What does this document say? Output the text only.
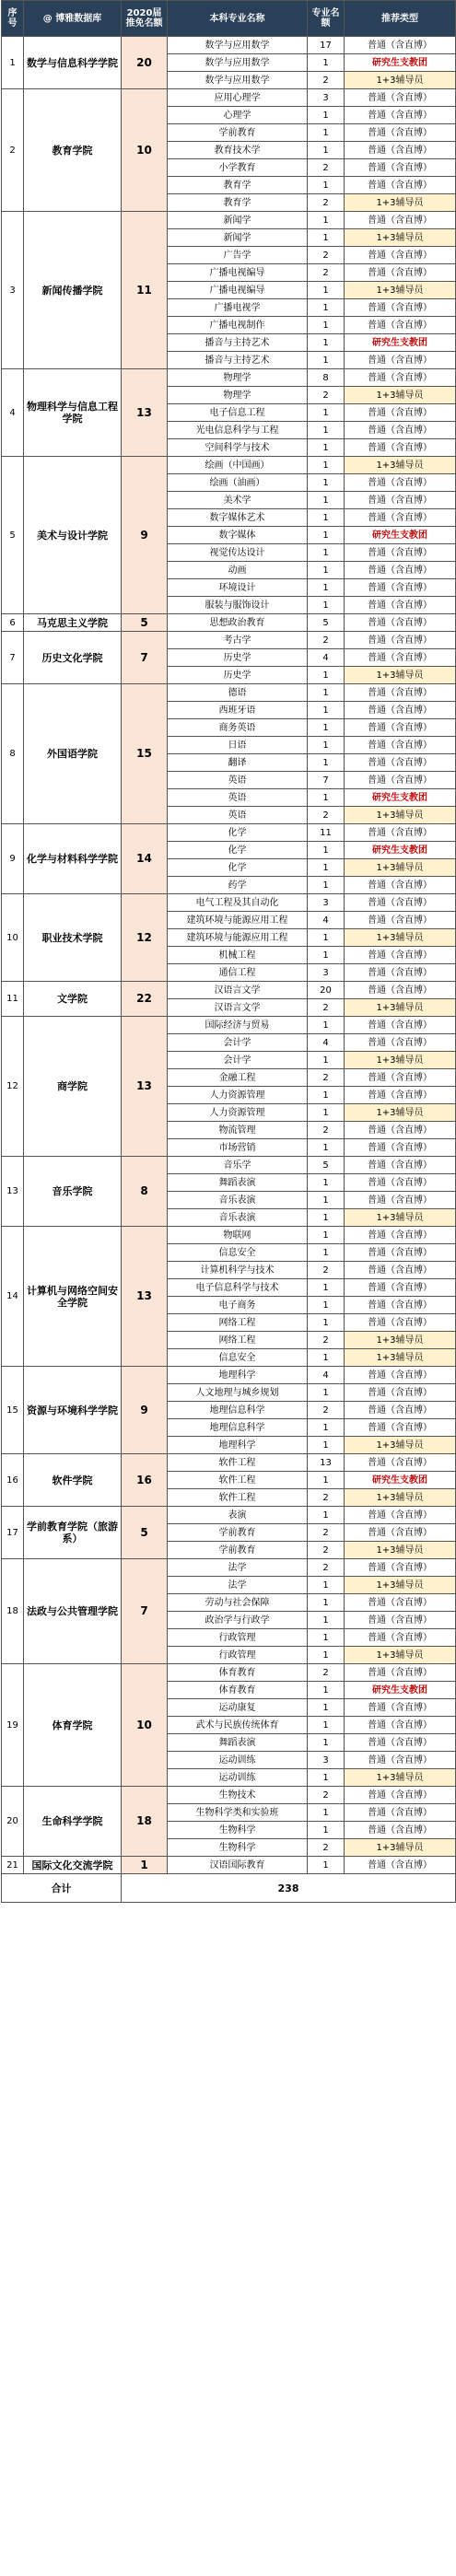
序号	@ 博雅数据库	2020届推免名额	本科专业名称	专业名额	推荐类型
1	数学与信息科学学院	20	数学与应用数学	17	普通（含直博）
			数学与应用数学	1	研究生支教团
			数学与应用数学	2	1+3辅导员
2	教育学院	10	应用心理学	3	普通（含直博）
			心理学	1	普通（含直博）
			学前教育	1	普通（含直博）
			教育技术学	1	普通（含直博）
			小学教育	2	普通（含直博）
			教育学	1	普通（含直博）
			教育学	2	1+3辅导员
3	新闻传播学院	11	新闻学	1	普通（含直博）
			新闻学	1	1+3辅导员
			广告学	2	普通（含直博）
			广播电视编导	2	普通（含直博）
			广播电视编导	1	1+3辅导员
			广播电视学	1	普通（含直博）
			广播电视制作	1	普通（含直博）
			播音与主持艺术	1	研究生支教团
			播音与主持艺术	1	普通（含直博）
4	物理科学与信息工程学院	13	物理学	8	普通（含直博）
			物理学	2	1+3辅导员
			电子信息工程	1	普通（含直博）
			光电信息科学与工程	1	普通（含直博）
			空间科学与技术	1	普通（含直博）
5	美术与设计学院	9	绘画（中国画）	1	1+3辅导员
			绘画（油画）	1	普通（含直博）
			美术学	1	普通（含直博）
			数字媒体艺术	1	普通（含直博）
			数字媒体	1	研究生支教团
			视觉传达设计	1	普通（含直博）
			动画	1	普通（含直博）
			环境设计	1	普通（含直博）
			服装与服饰设计	1	普通（含直博）
6	马克思主义学院	5	思想政治教育	5	普通（含直博）
7	历史文化学院	7	考古学	2	普通（含直博）
			历史学	4	普通（含直博）
			历史学	1	1+3辅导员
8	外国语学院	15	德语	1	普通（含直博）
			西班牙语	1	普通（含直博）
			商务英语	1	普通（含直博）
			日语	1	普通（含直博）
			翻译	1	普通（含直博）
			英语	7	普通（含直博）
			英语	1	研究生支教团
			英语	2	1+3辅导员
9	化学与材料科学学院	14	化学	11	普通（含直博）
			化学	1	研究生支教团
			化学	1	1+3辅导员
			药学	1	普通（含直博）
10	职业技术学院	12	电气工程及其自动化	3	普通（含直博）
			建筑环境与能源应用工程	4	普通（含直博）
			建筑环境与能源应用工程	1	1+3辅导员
			机械工程	1	普通（含直博）
			通信工程	3	普通（含直博）
11	文学院	22	汉语言文学	20	普通（含直博）
			汉语言文学	2	1+3辅导员
12	商学院	13	国际经济与贸易	1	普通（含直博）
			会计学	4	普通（含直博）
			会计学	1	1+3辅导员
			金融工程	2	普通（含直博）
			人力资源管理	1	普通（含直博）
			人力资源管理	1	1+3辅导员
			物流管理	2	普通（含直博）
			市场营销	1	普通（含直博）
13	音乐学院	8	音乐学	5	普通（含直博）
			舞蹈表演	1	普通（含直博）
			音乐表演	1	普通（含直博）
			音乐表演	1	1+3辅导员
14	计算机与网络空间安全学院	13	物联网	1	普通（含直博）
			信息安全	1	普通（含直博）
			计算机科学与技术	2	普通（含直博）
			电子信息科学与技术	1	普通（含直博）
			电子商务	1	普通（含直博）
			网络工程	1	普通（含直博）
			网络工程	2	1+3辅导员
			信息安全	1	1+3辅导员
15	资源与环境科学学院	9	地理科学	4	普通（含直博）
			人文地理与城乡规划	1	普通（含直博）
			地理信息科学	2	普通（含直博）
			地理信息科学	1	普通（含直博）
			地理科学	1	1+3辅导员
16	软件学院	16	软件工程	13	普通（含直博）
			软件工程	1	研究生支教团
			软件工程	2	1+3辅导员
17	学前教育学院（旅游系）	5	表演	1	普通（含直博）
			学前教育	2	普通（含直博）
			学前教育	2	1+3辅导员
18	法政与公共管理学院	7	法学	2	普通（含直博）
			法学	1	1+3辅导员
			劳动与社会保障	1	普通（含直博）
			政治学与行政学	1	普通（含直博）
			行政管理	1	普通（含直博）
			行政管理	1	1+3辅导员
19	体育学院	10	体育教育	2	普通（含直博）
			体育教育	1	研究生支教团
			运动康复	1	普通（含直博）
			武术与民族传统体育	1	普通（含直博）
			舞蹈表演	1	普通（含直博）
			运动训练	3	普通（含直博）
			运动训练	1	1+3辅导员
20	生命科学学院	18	生物技术	2	普通（含直博）
			生物科学类和实验班	1	普通（含直博）
			生物科学	1	普通（含直博）
			生物科学	2	1+3辅导员
21	国际文化交流学院	1	汉语国际教育	1	普通（含直博）
合计		238			
